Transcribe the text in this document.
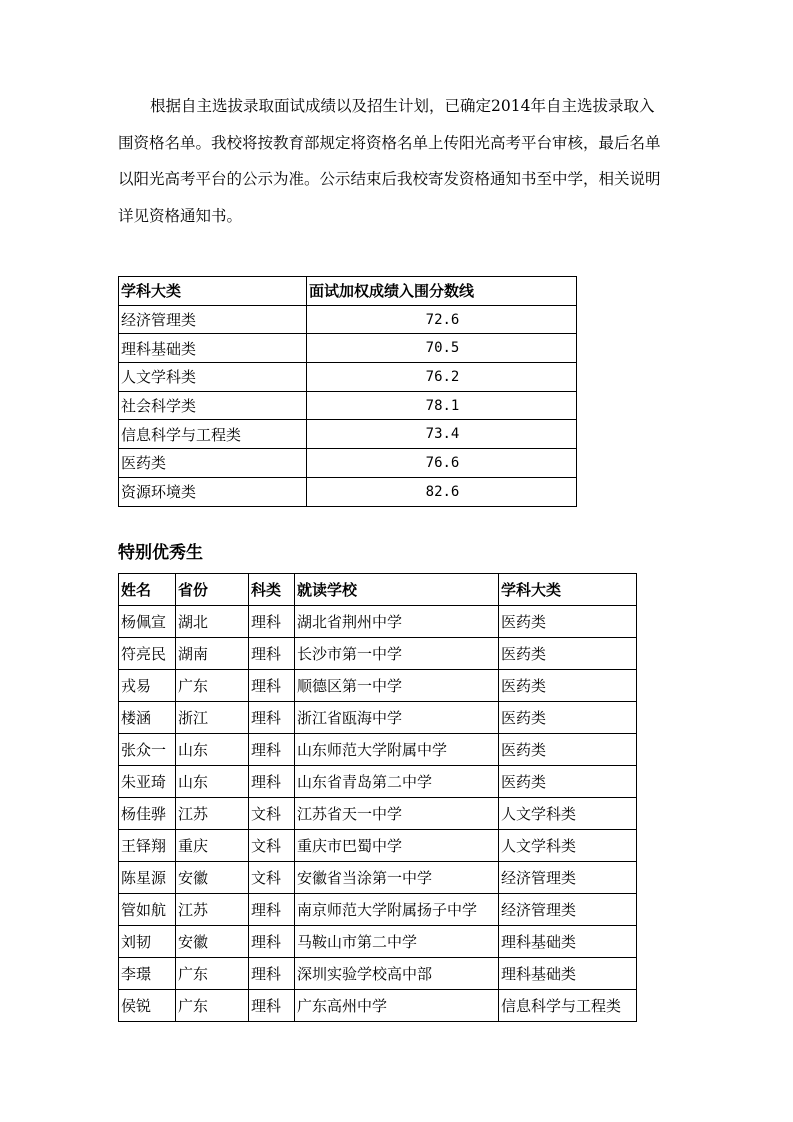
根据自主选拔录取面试成绩以及招生计划，已确定2014年自主选拔录取入围资格名单。我校将按教育部规定将资格名单上传阳光高考平台审核，最后名单以阳光高考平台的公示为准。公示结束后我校寄发资格通知书至中学，相关说明详见资格通知书。

学科大类	面试加权成绩入围分数线
经济管理类	72.6
理科基础类	70.5
人文学科类	76.2
社会科学类	78.1
信息科学与工程类	73.4
医药类	76.6
资源环境类	82.6
特别优秀生
姓名	省份	科类	就读学校	学科大类
杨佩宣	湖北	理科	湖北省荆州中学	医药类
符亮民	湖南	理科	长沙市第一中学	医药类
戎易	广东	理科	顺德区第一中学	医药类
楼涵	浙江	理科	浙江省瓯海中学	医药类
张众一	山东	理科	山东师范大学附属中学	医药类
朱亚琦	山东	理科	山东省青岛第二中学	医药类
杨佳骅	江苏	文科	江苏省天一中学	人文学科类
王铎翔	重庆	文科	重庆市巴蜀中学	人文学科类
陈星源	安徽	文科	安徽省当涂第一中学	经济管理类
管如航	江苏	理科	南京师范大学附属扬子中学	经济管理类
刘韧	安徽	理科	马鞍山市第二中学	理科基础类
李璟	广东	理科	深圳实验学校高中部	理科基础类
侯锐	广东	理科	广东高州中学	信息科学与工程类
